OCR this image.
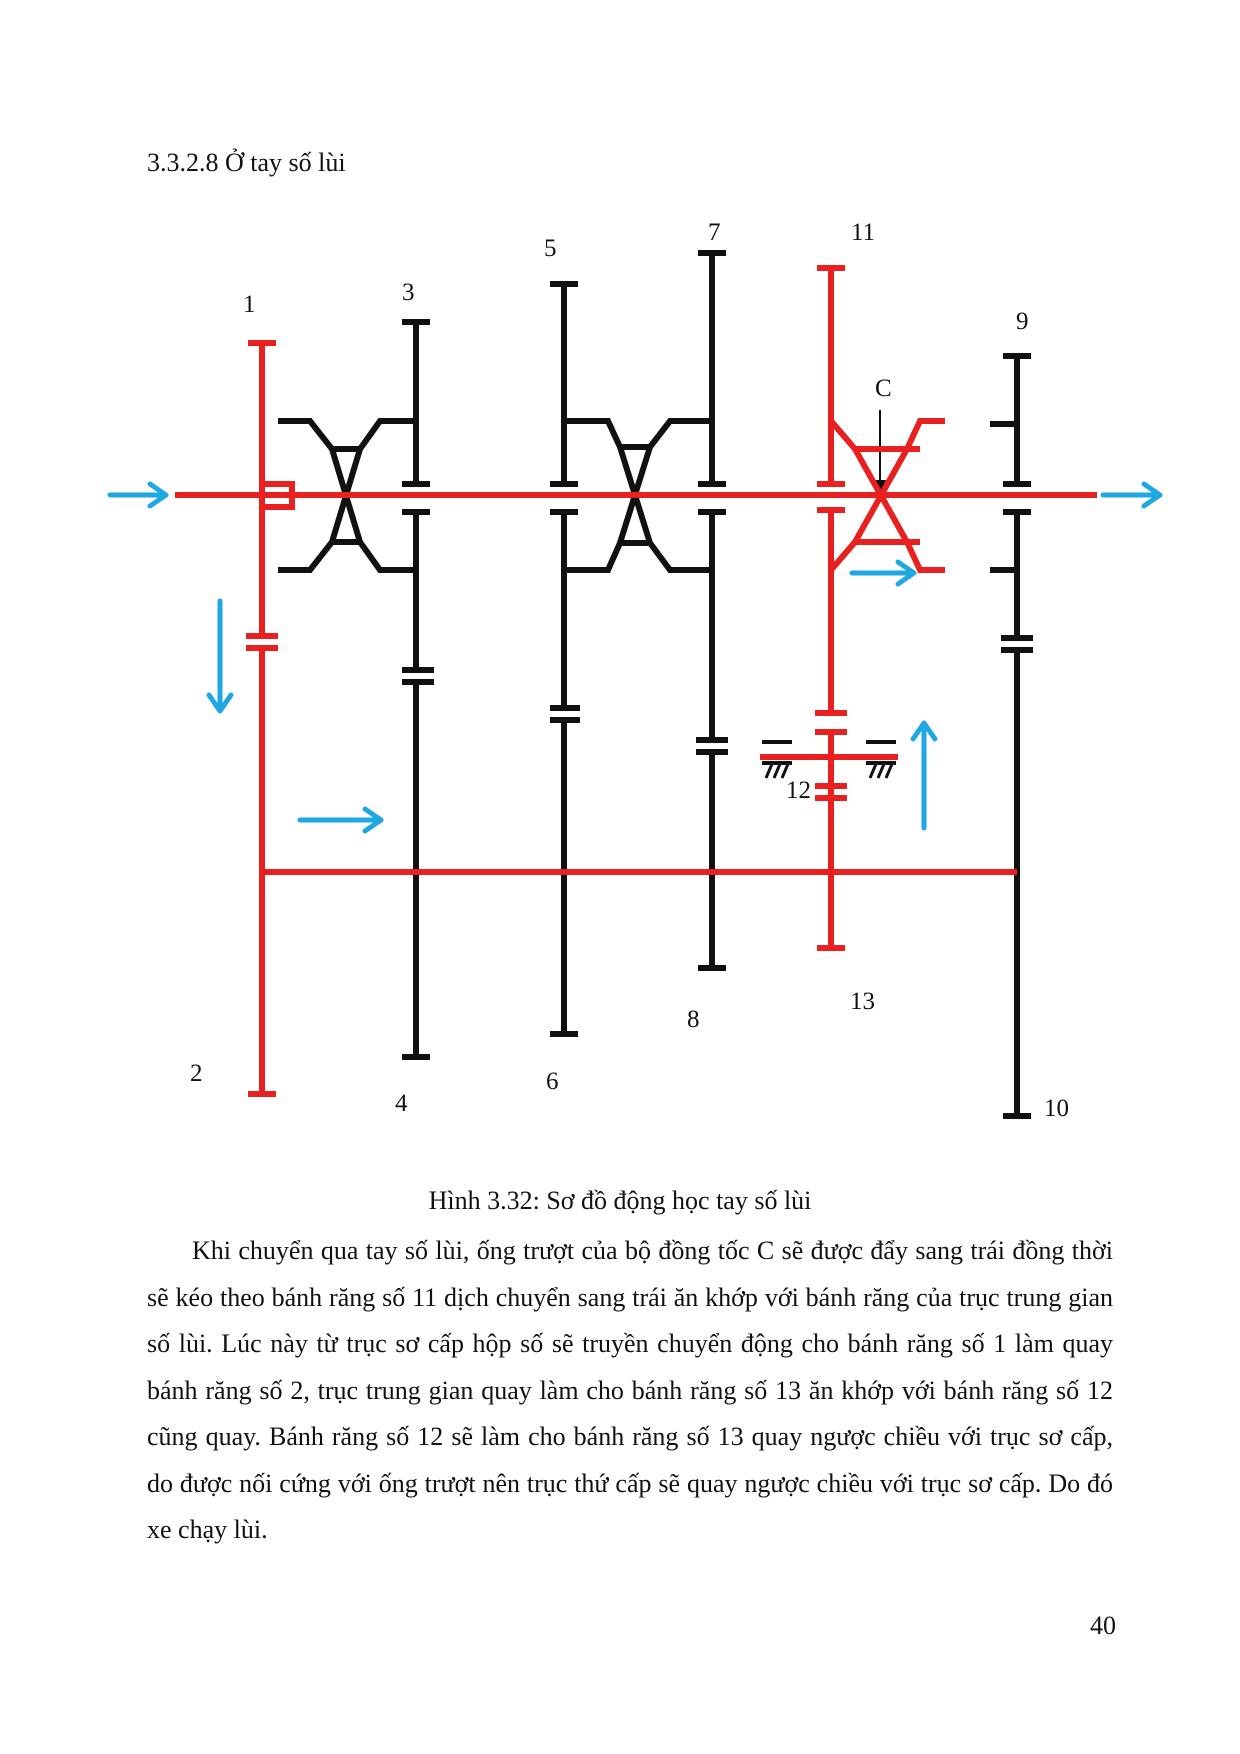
3.3.2.8 Ở tay số lùi
1
2
3
4
5
6
7
8
9
10
11
12
13
C
Hình 3.32: Sơ đồ động học tay số lùi

Khi chuyển qua tay số lùi, ống trượt của bộ đồng tốc C sẽ được đẩy sang trái đồng thời sẽ kéo theo bánh răng số 11 dịch chuyển sang trái ăn khớp với bánh răng của trục trung gian số lùi. Lúc này từ trục sơ cấp hộp số sẽ truyền chuyển động cho bánh răng số 1 làm quay bánh răng số 2, trục trung gian quay làm cho bánh răng số 13 ăn khớp với bánh răng số 12 cũng quay. Bánh răng số 12 sẽ làm cho bánh răng số 13 quay ngược chiều với trục sơ cấp, do được nối cứng với ống trượt nên trục thứ cấp sẽ quay ngược chiều với trục sơ cấp. Do đó xe chạy lùi.

40
